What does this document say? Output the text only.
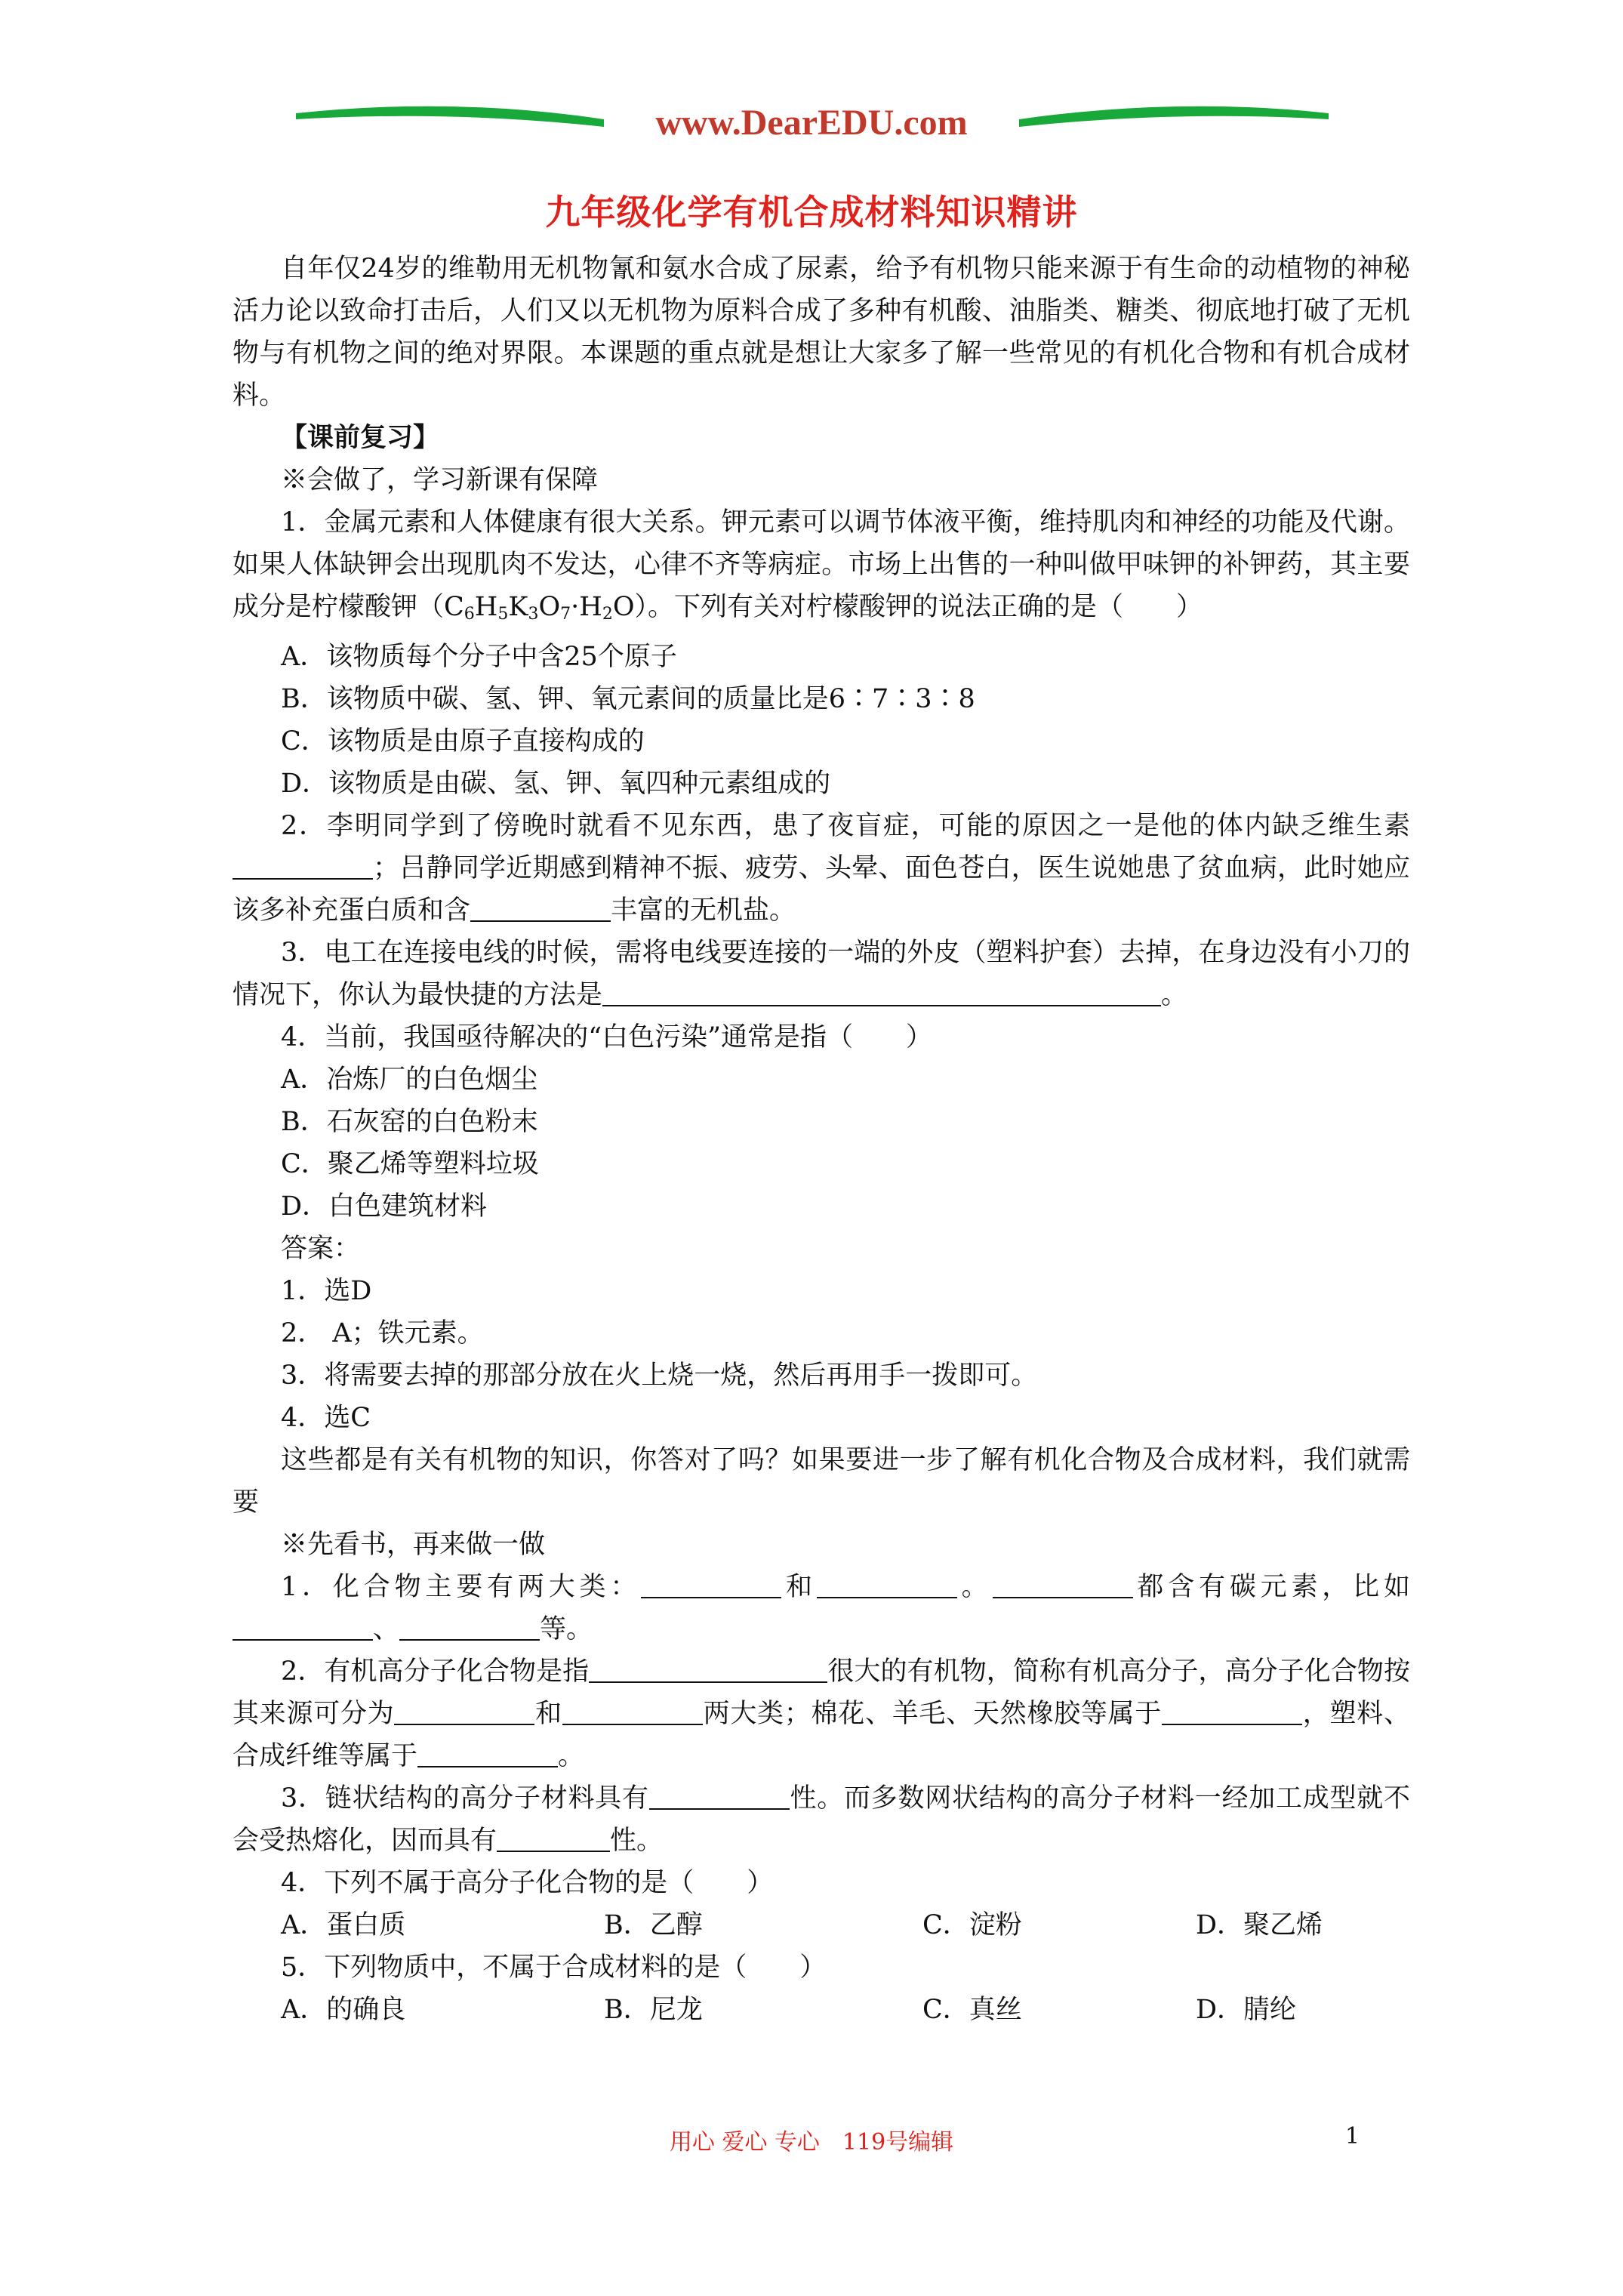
www.DearEDU.com
九年级化学有机合成材料知识精讲

自年仅24岁的维勒用无机物氰和氨水合成了尿素，给予有机物只能来源于有生命的动植物的神秘活力论以致命打击后，人们又以无机物为原料合成了多种有机酸、油脂类、糖类、彻底地打破了无机物与有机物之间的绝对界限。本课题的重点就是想让大家多了解一些常见的有机化合物和有机合成材料。

【课前复习】

※会做了，学习新课有保障

1．金属元素和人体健康有很大关系。钾元素可以调节体液平衡，维持肌肉和神经的功能及代谢。如果人体缺钾会出现肌肉不发达，心律不齐等病症。市场上出售的一种叫做甲味钾的补钾药，其主要成分是柠檬酸钾$(C_6H_5K_3O_7\cdot H_2O)$。下列有关对柠檬酸钾的说法正确的是（　　）

A．该物质每个分子中含25个原子

B．该物质中碳、氢、钾、氧元素间的质量比是6∶7∶3∶8

C．该物质是由原子直接构成的

D．该物质是由碳、氢、钾、氧四种元素组成的

2．李明同学到了傍晚时就看不见东西，患了夜盲症，可能的原因之一是他的体内缺乏维生素；吕静同学近期感到精神不振、疲劳、头晕、面色苍白，医生说她患了贫血病，此时她应该多补充蛋白质和含	丰富的无机盐。

3．电工在连接电线的时候，需将电线要连接的一端的外皮（塑料护套）去掉，在身边没有小刀的情况下，你认为最快捷的方法是	。

4．当前，我国亟待解决的“白色污染”通常是指（　　）

A．冶炼厂的白色烟尘

B．石灰窑的白色粉末

C．聚乙烯等塑料垃圾

D．白色建筑材料

答案：

1．选D

2． A；铁元素。

3．将需要去掉的那部分放在火上烧一烧，然后再用手一拨即可。

4．选C

这些都是有关有机物的知识，你答对了吗？如果要进一步了解有机化合物及合成材料，我们就需要

※先看书，再来做一做

1．化合物主要有两大类：	和	。	都含有碳元素，比如、	等。

2．有机高分子化合物是指	很大的有机物，简称有机高分子，高分子化合物按其来源可分为	和	两大类；棉花、羊毛、天然橡胶等属于	，塑料、合成纤维等属于	。

3．链状结构的高分子材料具有	性。而多数网状结构的高分子材料一经加工成型就不会受热熔化，因而具有	性。

4．下列不属于高分子化合物的是（　　）

A．蛋白质	B．乙醇	C．淀粉	D．聚乙烯

5．下列物质中，不属于合成材料的是（　　）

A．的确良	B．尼龙	C．真丝	D．腈纶
用心 爱心 专心　119号编辑	1
